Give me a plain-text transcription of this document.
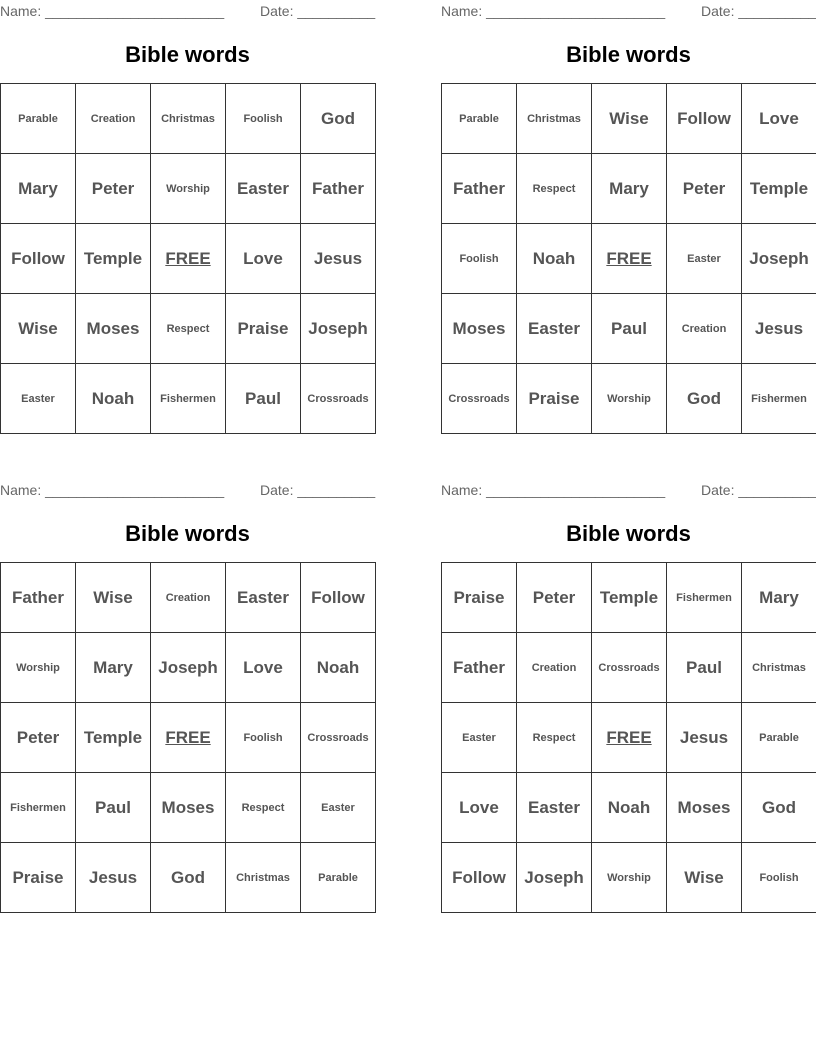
Name: _______________________	Date: __________
Bible words
Parable	Creation	Christmas	Foolish	God
Mary	Peter	Worship	Easter	Father
Follow	Temple	FREE	Love	Jesus
Wise	Moses	Respect	Praise	Joseph
Easter	Noah	Fishermen	Paul	Crossroads
Name: _______________________	Date: __________
Bible words
Parable	Christmas	Wise	Follow	Love
Father	Respect	Mary	Peter	Temple
Foolish	Noah	FREE	Easter	Joseph
Moses	Easter	Paul	Creation	Jesus
Crossroads	Praise	Worship	God	Fishermen
Name: _______________________	Date: __________
Bible words
Father	Wise	Creation	Easter	Follow
Worship	Mary	Joseph	Love	Noah
Peter	Temple	FREE	Foolish	Crossroads
Fishermen	Paul	Moses	Respect	Easter
Praise	Jesus	God	Christmas	Parable
Name: _______________________	Date: __________
Bible words
Praise	Peter	Temple	Fishermen	Mary
Father	Creation	Crossroads	Paul	Christmas
Easter	Respect	FREE	Jesus	Parable
Love	Easter	Noah	Moses	God
Follow	Joseph	Worship	Wise	Foolish
